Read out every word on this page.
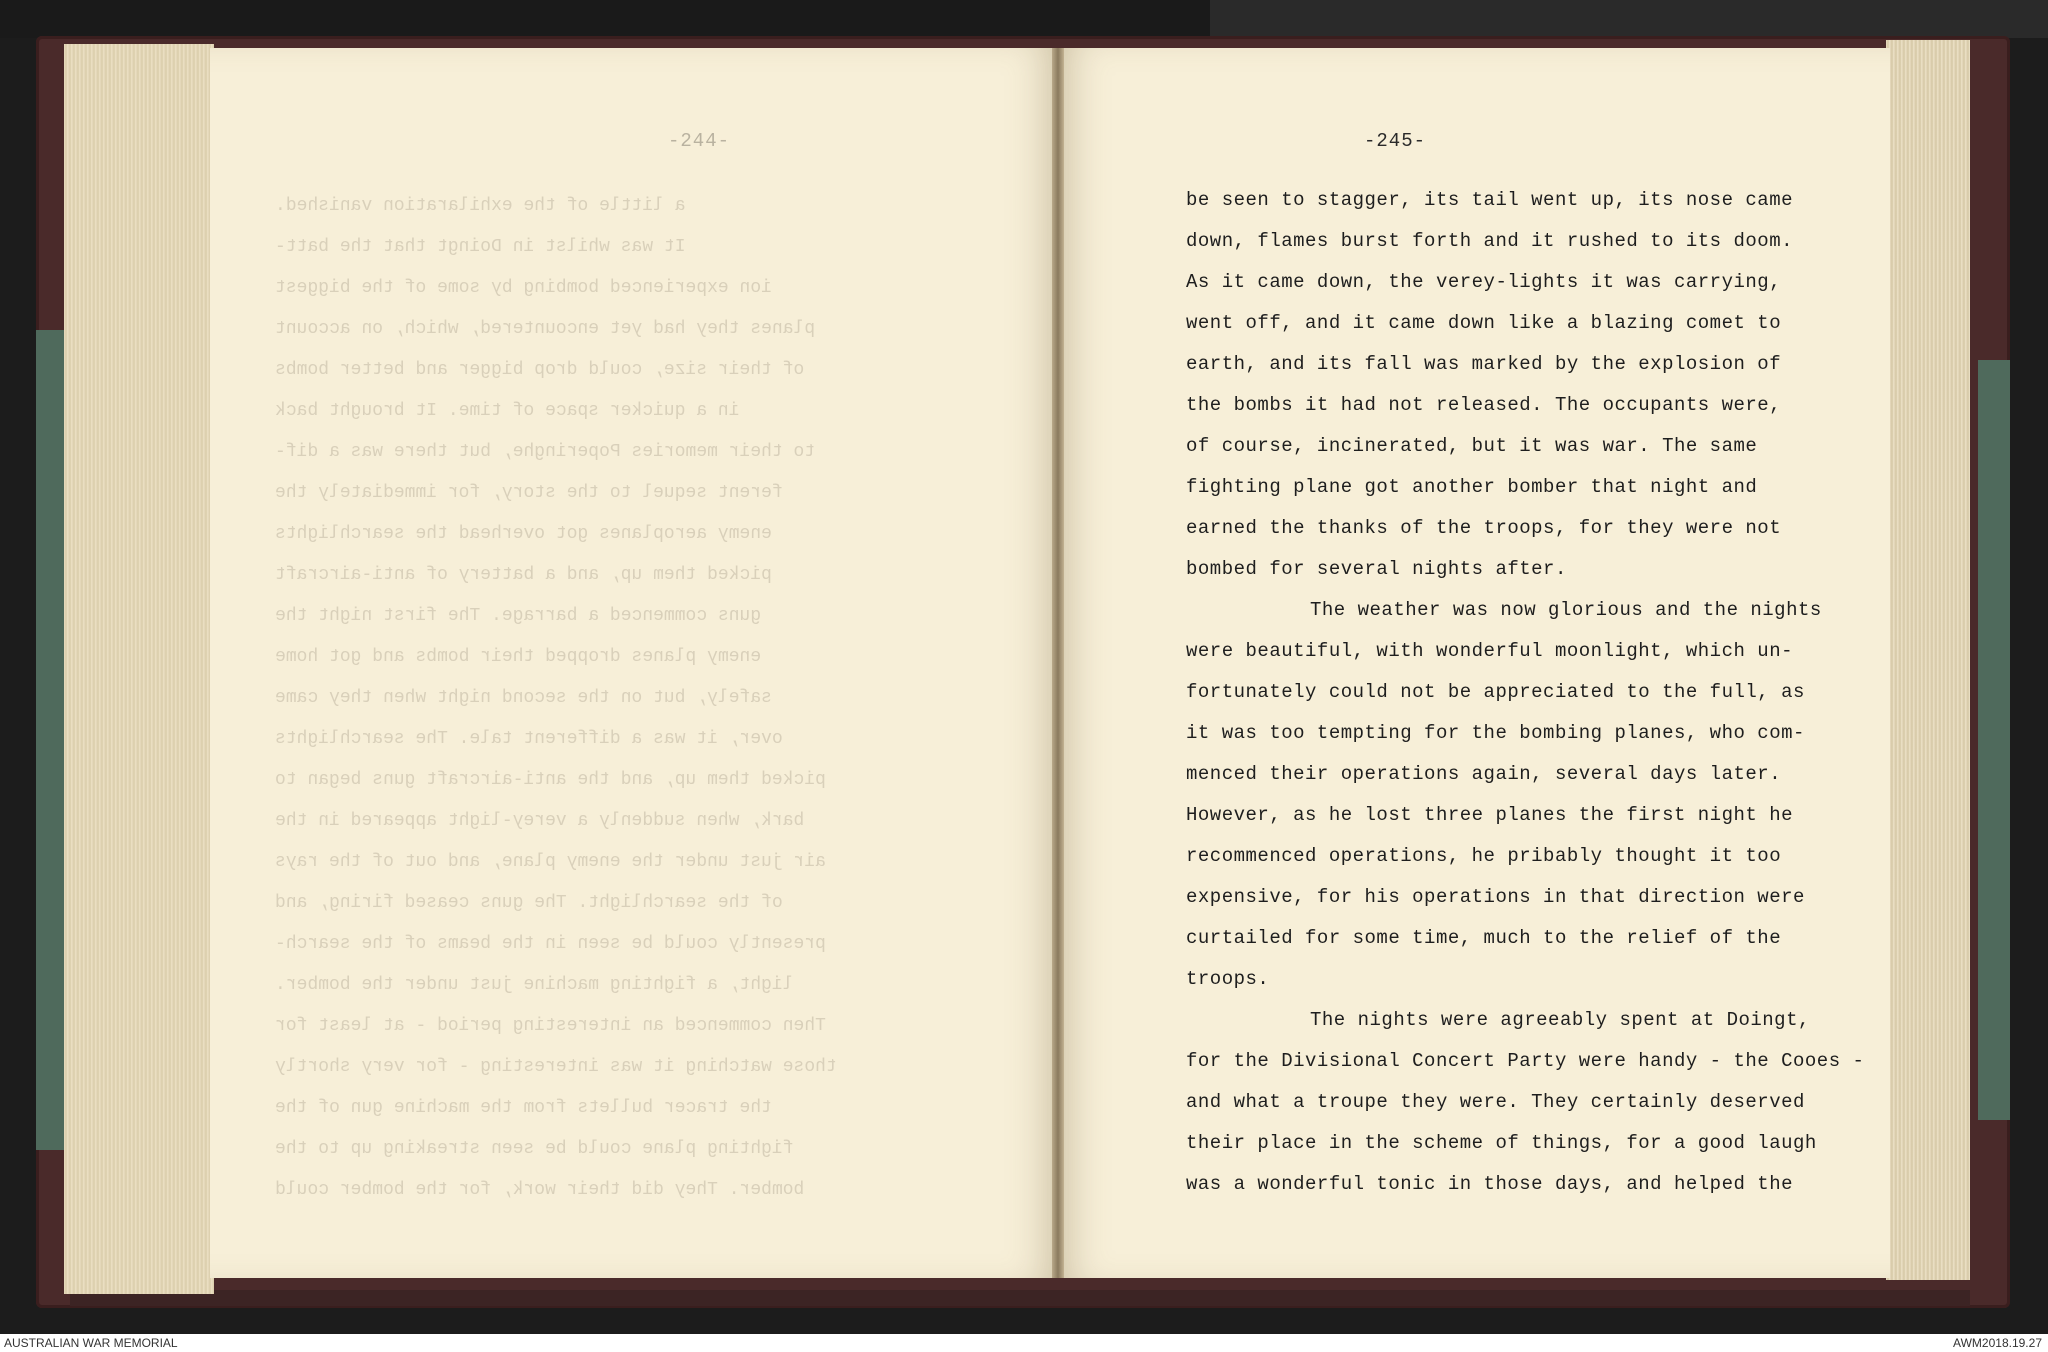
-244-	-245-
a little of the exhilaration vanished.
It was whilst in Doingt that the batt-
ion experienced bombing by some of the biggest
planes they had yet encountered, which, on account
of their size, could drop bigger and better bombs
in a quicker space of time. It brought back
to their memories Poperinghe, but there was a dif-
ferent sequel to the story, for immediately the
enemy aeroplanes got overhead the searchlights
picked them up, and a battery of anti-aircraft
guns commenced a barrage. The first night the
enemy planes dropped their bombs and got home
safely, but on the second night when they came
over, it was a different tale. The searchlights
picked them up, and the anti-aircraft guns began to
bark, when suddenly a verey-light appeared in the
air just under the enemy plane, and out of the rays
of the searchlight. The guns ceased firing, and
presently could be seen in the beams of the search-
light, a fighting machine just under the bomber.
Then commenced an interesting period - at least for
those watching it was interesting - for very shortly
the tracer bullets from the machine gun of the
fighting plane could be seen streaking up to the
bomber. They did their work, for the bomber could
be seen to stagger, its tail went up, its nose came
down, flames burst forth and it rushed to its doom.
As it came down, the verey-lights it was carrying,
went off, and it came down like a blazing comet to
earth, and its fall was marked by the explosion of
the bombs it had not released. The occupants were,
of course, incinerated, but it was war. The same
fighting plane got another bomber that night and
earned the thanks of the troops, for they were not
bombed for several nights after.
The weather was now glorious and the nights
were beautiful, with wonderful moonlight, which un-
fortunately could not be appreciated to the full, as
it was too tempting for the bombing planes, who com-
menced their operations again, several days later.
However, as he lost three planes the first night he
recommenced operations, he pribably thought it too
expensive, for his operations in that direction were
curtailed for some time, much to the relief of the
troops.
The nights were agreeably spent at Doingt,
for the Divisional Concert Party were handy - the Cooes -
and what a troupe they were. They certainly deserved
their place in the scheme of things, for a good laugh
was a wonderful tonic in those days, and helped the
AUSTRALIAN WAR MEMORIAL	AWM2018.19.27
